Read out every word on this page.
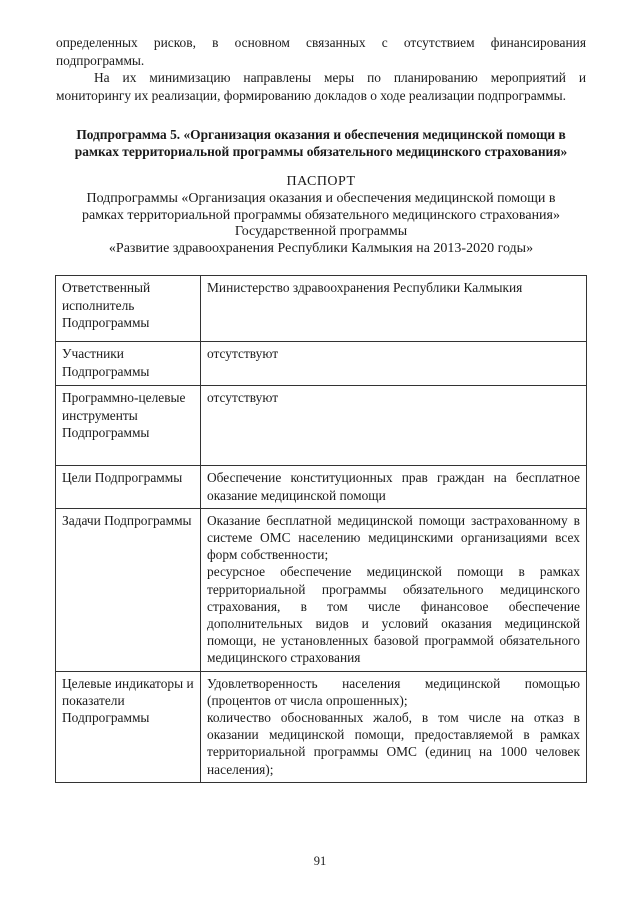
определенных рисков, в основном связанных с отсутствием финансирования подпрограммы.

На их минимизацию направлены меры по планированию мероприятий и мониторингу их реализации, формированию докладов о ходе реализации подпрограммы.

Подпрограмма 5. «Организация оказания и обеспечения медицинской помощи в рамках территориальной программы обязательного медицинского страхования»
ПАСПОРТ
Подпрограммы «Организация оказания и обеспечения медицинской помощи в
рамках территориальной программы обязательного медицинского страхования»
Государственной программы
«Развитие здравоохранения Республики Калмыкия на 2013-2020 годы»
Ответственный исполнитель Подпрограммы	Министерство здравоохранения Республики Калмыкия
Участники Подпрограммы	отсутствуют
Программно-целевые инструменты Подпрограммы	отсутствуют
Цели Подпрограммы	Обеспечение конституционных прав граждан на бесплатное оказание медицинской помощи
Задачи Подпрограммы	Оказание бесплатной медицинской помощи застрахованному в системе ОМС населению медицинскими организациями всех форм собственности;
ресурсное обеспечение медицинской помощи в рамках территориальной программы обязательного медицинского страхования, в том числе финансовое обеспечение дополнительных видов и условий оказания медицинской помощи, не установленных базовой программой обязательного медицинского страхования

Целевые индикаторы и показатели Подпрограммы	Удовлетворенность населения медицинской помощью (процентов от числа опрошенных);
количество обоснованных жалоб, в том числе на отказ в оказании медицинской помощи, предоставляемой в рамках территориальной программы ОМС (единиц на 1000 человек населения);
91
